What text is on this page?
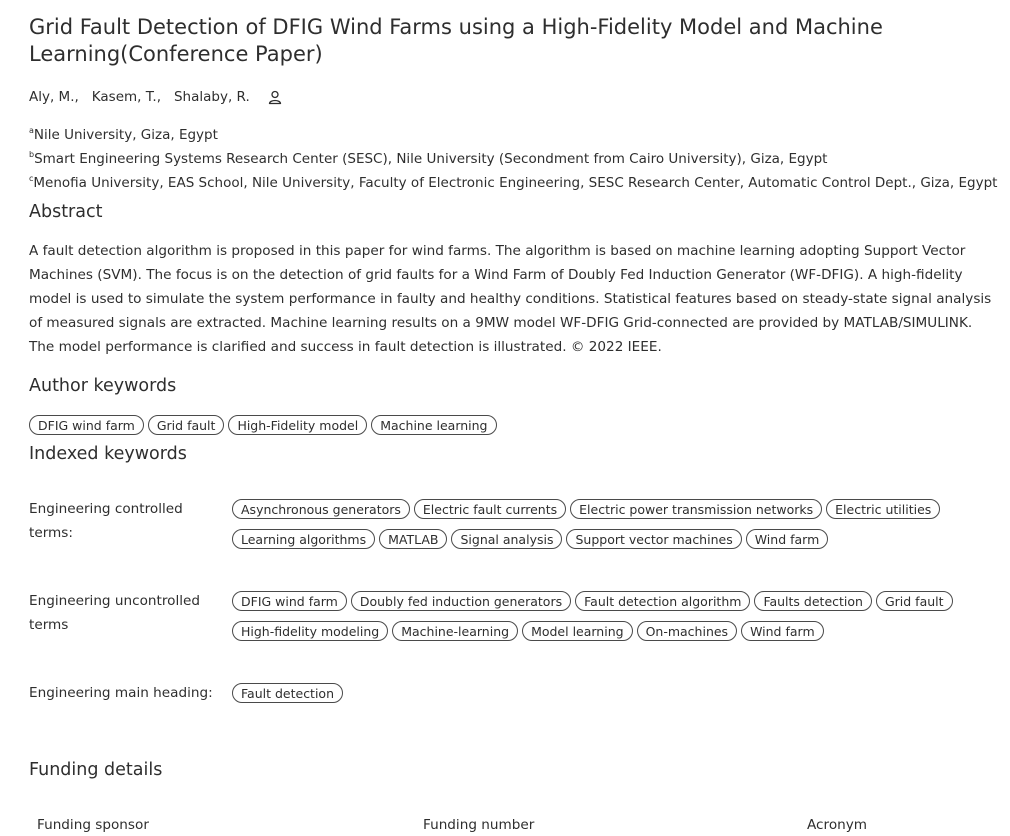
Grid Fault Detection of DFIG Wind Farms using a High-Fidelity Model and Machine Learning(Conference Paper)
Aly, M., Kasem, T., Shalaby, R.
$^a$Nile University, Giza, Egypt
$^b$Smart Engineering Systems Research Center (SESC), Nile University (Secondment from Cairo University), Giza, Egypt
$^c$Menofia University, EAS School, Nile University, Faculty of Electronic Engineering, SESC Research Center, Automatic Control Dept., Giza, Egypt
Abstract

A fault detection algorithm is proposed in this paper for wind farms. The algorithm is based on machine learning adopting Support Vector Machines (SVM). The focus is on the detection of grid faults for a Wind Farm of Doubly Fed Induction Generator (WF-DFIG). A high-fidelity model is used to simulate the system performance in faulty and healthy conditions. Statistical features based on steady-state signal analysis of measured signals are extracted. Machine learning results on a 9MW model WF-DFIG Grid-connected are provided by MATLAB/SIMULINK. The model performance is clarified and success in fault detection is illustrated. © 2022 IEEE.

Author keywords
DFIG wind farm	Grid fault	High-Fidelity model	Machine learning
Indexed keywords
Engineering controlled terms:
Asynchronous generators	Electric fault currents	Electric power transmission networks	Electric utilities
Learning algorithms	MATLAB	Signal analysis	Support vector machines	Wind farm
Engineering uncontrolled terms
DFIG wind farm	Doubly fed induction generators	Fault detection algorithm	Faults detection	Grid fault
High-fidelity modeling	Machine-learning	Model learning	On-machines	Wind farm
Engineering main heading:	Fault detection
Funding details
Funding sponsor	Funding number	Acronym
